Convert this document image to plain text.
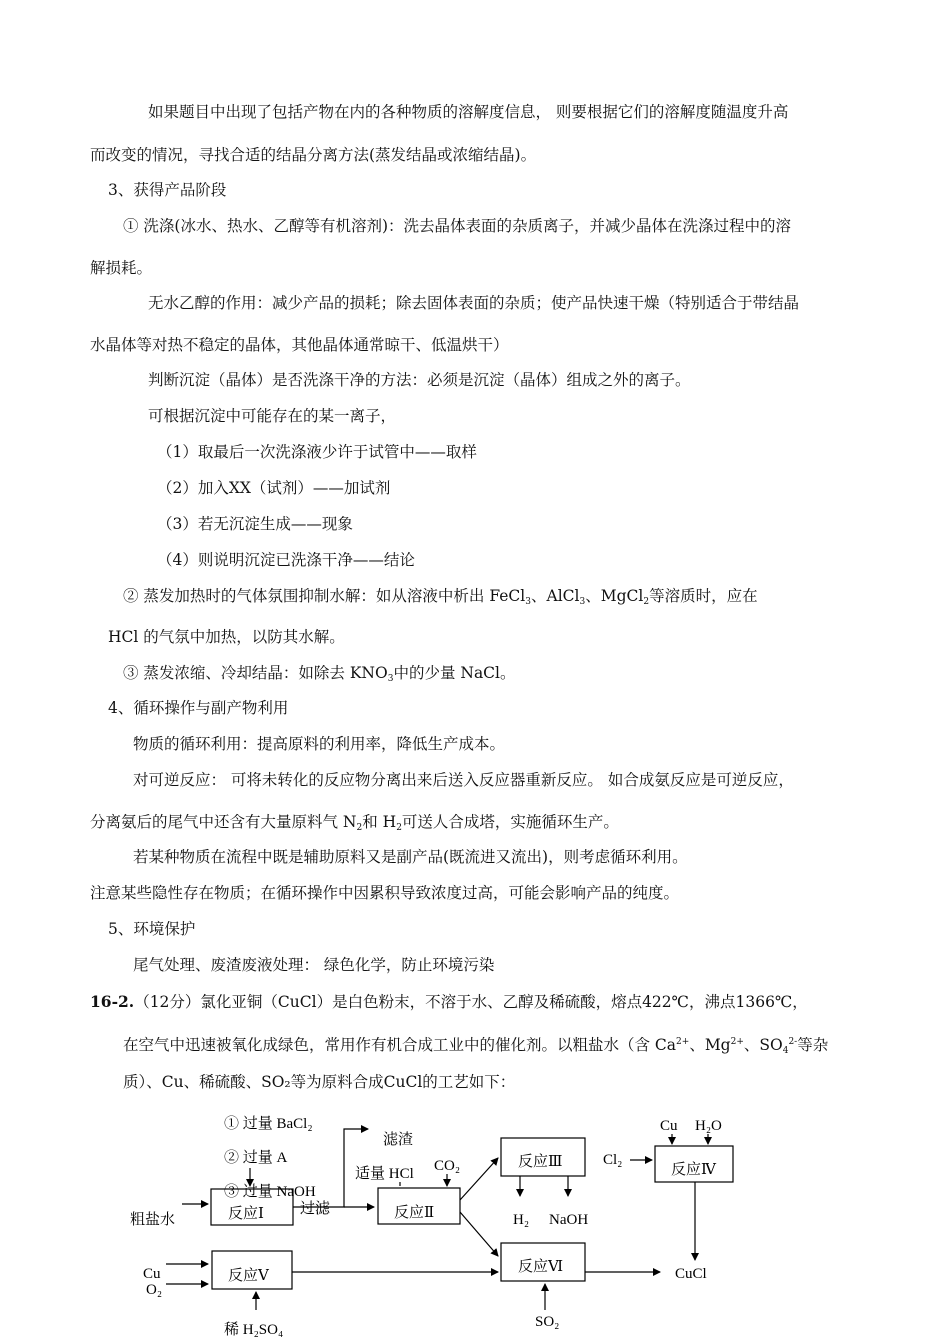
如果题目中出现了包括产物在内的各种物质的溶解度信息， 则要根据它们的溶解度随温度升高
而改变的情况，寻找合适的结晶分离方法(蒸发结晶或浓缩结晶)。
3、获得产品阶段
① 洗涤(冰水、热水、乙醇等有机溶剂)：洗去晶体表面的杂质离子，并减少晶体在洗涤过程中的溶
解损耗。
无水乙醇的作用：减少产品的损耗；除去固体表面的杂质；使产品快速干燥（特别适合于带结晶
水晶体等对热不稳定的晶体，其他晶体通常晾干、低温烘干）
判断沉淀（晶体）是否洗涤干净的方法：必须是沉淀（晶体）组成之外的离子。
可根据沉淀中可能存在的某一离子，
（1）取最后一次洗涤液少许于试管中——取样
（2）加入XX（试剂）——加试剂
（3）若无沉淀生成——现象
（4）则说明沉淀已洗涤干净——结论
② 蒸发加热时的气体氛围抑制水解：如从溶液中析出 FeCl$_3$、AlCl$_3$、MgCl$_2$等溶质时，应在
HCl 的气氛中加热，以防其水解。
③ 蒸发浓缩、冷却结晶：如除去 $KNO_3$中的少量 NaCl。
4、循环操作与副产物利用
物质的循环利用：提高原料的利用率，降低生产成本。
对可逆反应： 可将未转化的反应物分离出来后送入反应器重新反应。 如合成氨反应是可逆反应，
分离氨后的尾气中还含有大量原料气 $N_2$和 $H_2$可送人合成塔，实施循环生产。
若某种物质在流程中既是辅助原料又是副产品(既流进又流出)，则考虑循环利用。
注意某些隐性存在物质；在循环操作中因累积导致浓度过高，可能会影响产品的纯度。
5、环境保护
尾气处理、废渣废液处理： 绿色化学，防止环境污染
16-2.（12分）氯化亚铜（CuCl）是白色粉末，不溶于水、乙醇及稀硫酸，熔点422℃，沸点1366℃，
在空气中迅速被氧化成绿色，常用作有机合成工业中的催化剂。以粗盐水（含 $Ca^{2+}$、$Mg^{2+}$、$SO_4^{2-}$等杂
质）、Cu、稀硫酸、SO₂等为原料合成CuCl的工艺如下：
① 过量 BaCl₂
② 过量 A
③ 过量 NaOH
粗盐水	反应Ⅰ 过滤
滤渣
适量 HCl CO₂
反应Ⅱ
反应Ⅲ
H₂ NaOH
Cl₂
Cu H₂O
反应Ⅳ
Cu
O₂
反应Ⅴ
稀 H₂SO₄
反应Ⅵ
SO₂
CuCl
